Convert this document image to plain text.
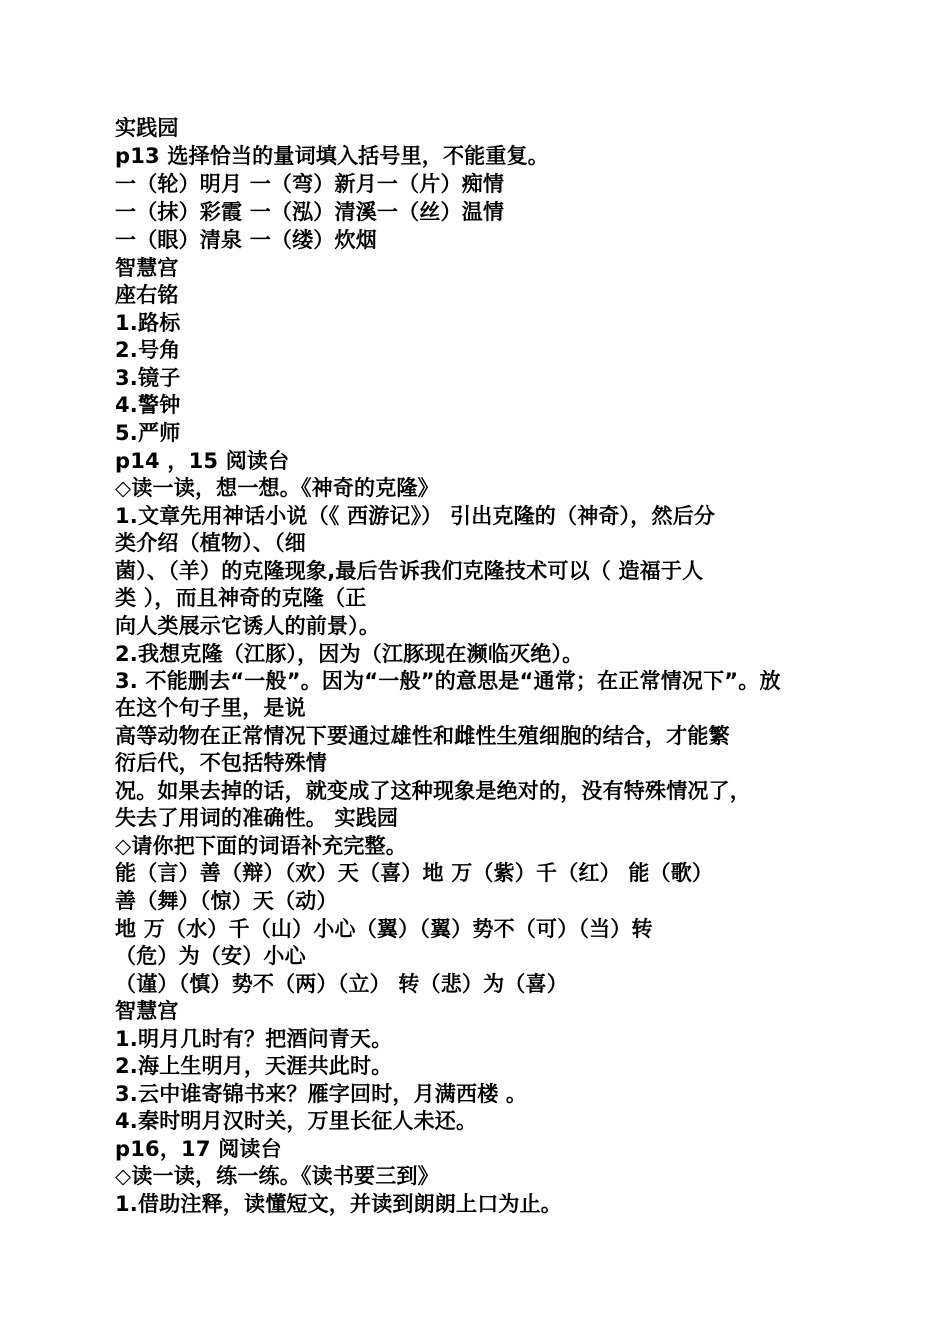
实践园
p13 选择恰当的量词填入括号里，不能重复。
一（轮）明月 一（弯）新月一（片）痴情
一（抹）彩霞 一（泓）清溪一（丝）温情
一（眼）清泉 一（缕）炊烟
智慧宫
座右铭
1.路标
2.号角
3.镜子
4.警钟
5.严师
p14 ，15 阅读台
◇读一读，想一想。《神奇的克隆》
1.文章先用神话小说（《 西游记》） 引出克隆的（神奇），然后分
类介绍（植物）、（细
菌）、（羊）的克隆现象,最后告诉我们克隆技术可以（ 造福于人
类 ），而且神奇的克隆（正
向人类展示它诱人的前景）。
2.我想克隆（江豚），因为（江豚现在濒临灭绝）。
3. 不能删去“一般”。因为“一般”的意思是“通常；在正常情况下”。放
在这个句子里，是说
高等动物在正常情况下要通过雄性和雌性生殖细胞的结合，才能繁
衍后代，不包括特殊情
况。如果去掉的话，就变成了这种现象是绝对的，没有特殊情况了，
失去了用词的准确性。 实践园
◇请你把下面的词语补充完整。
能（言）善（辩）（欢）天（喜）地 万（紫）千（红） 能（歌）
善（舞）（惊）天（动）
地 万（水）千（山）小心（翼）（翼）势不（可）（当）转
（危）为（安）小心
（谨）（慎）势不（两）（立） 转（悲）为（喜）
智慧宫
1.明月几时有？把酒问青天。
2.海上生明月，天涯共此时。
3.云中谁寄锦书来？雁字回时，月满西楼 。
4.秦时明月汉时关，万里长征人未还。
p16，17 阅读台
◇读一读，练一练。《读书要三到》
1.借助注释，读懂短文，并读到朗朗上口为止。
